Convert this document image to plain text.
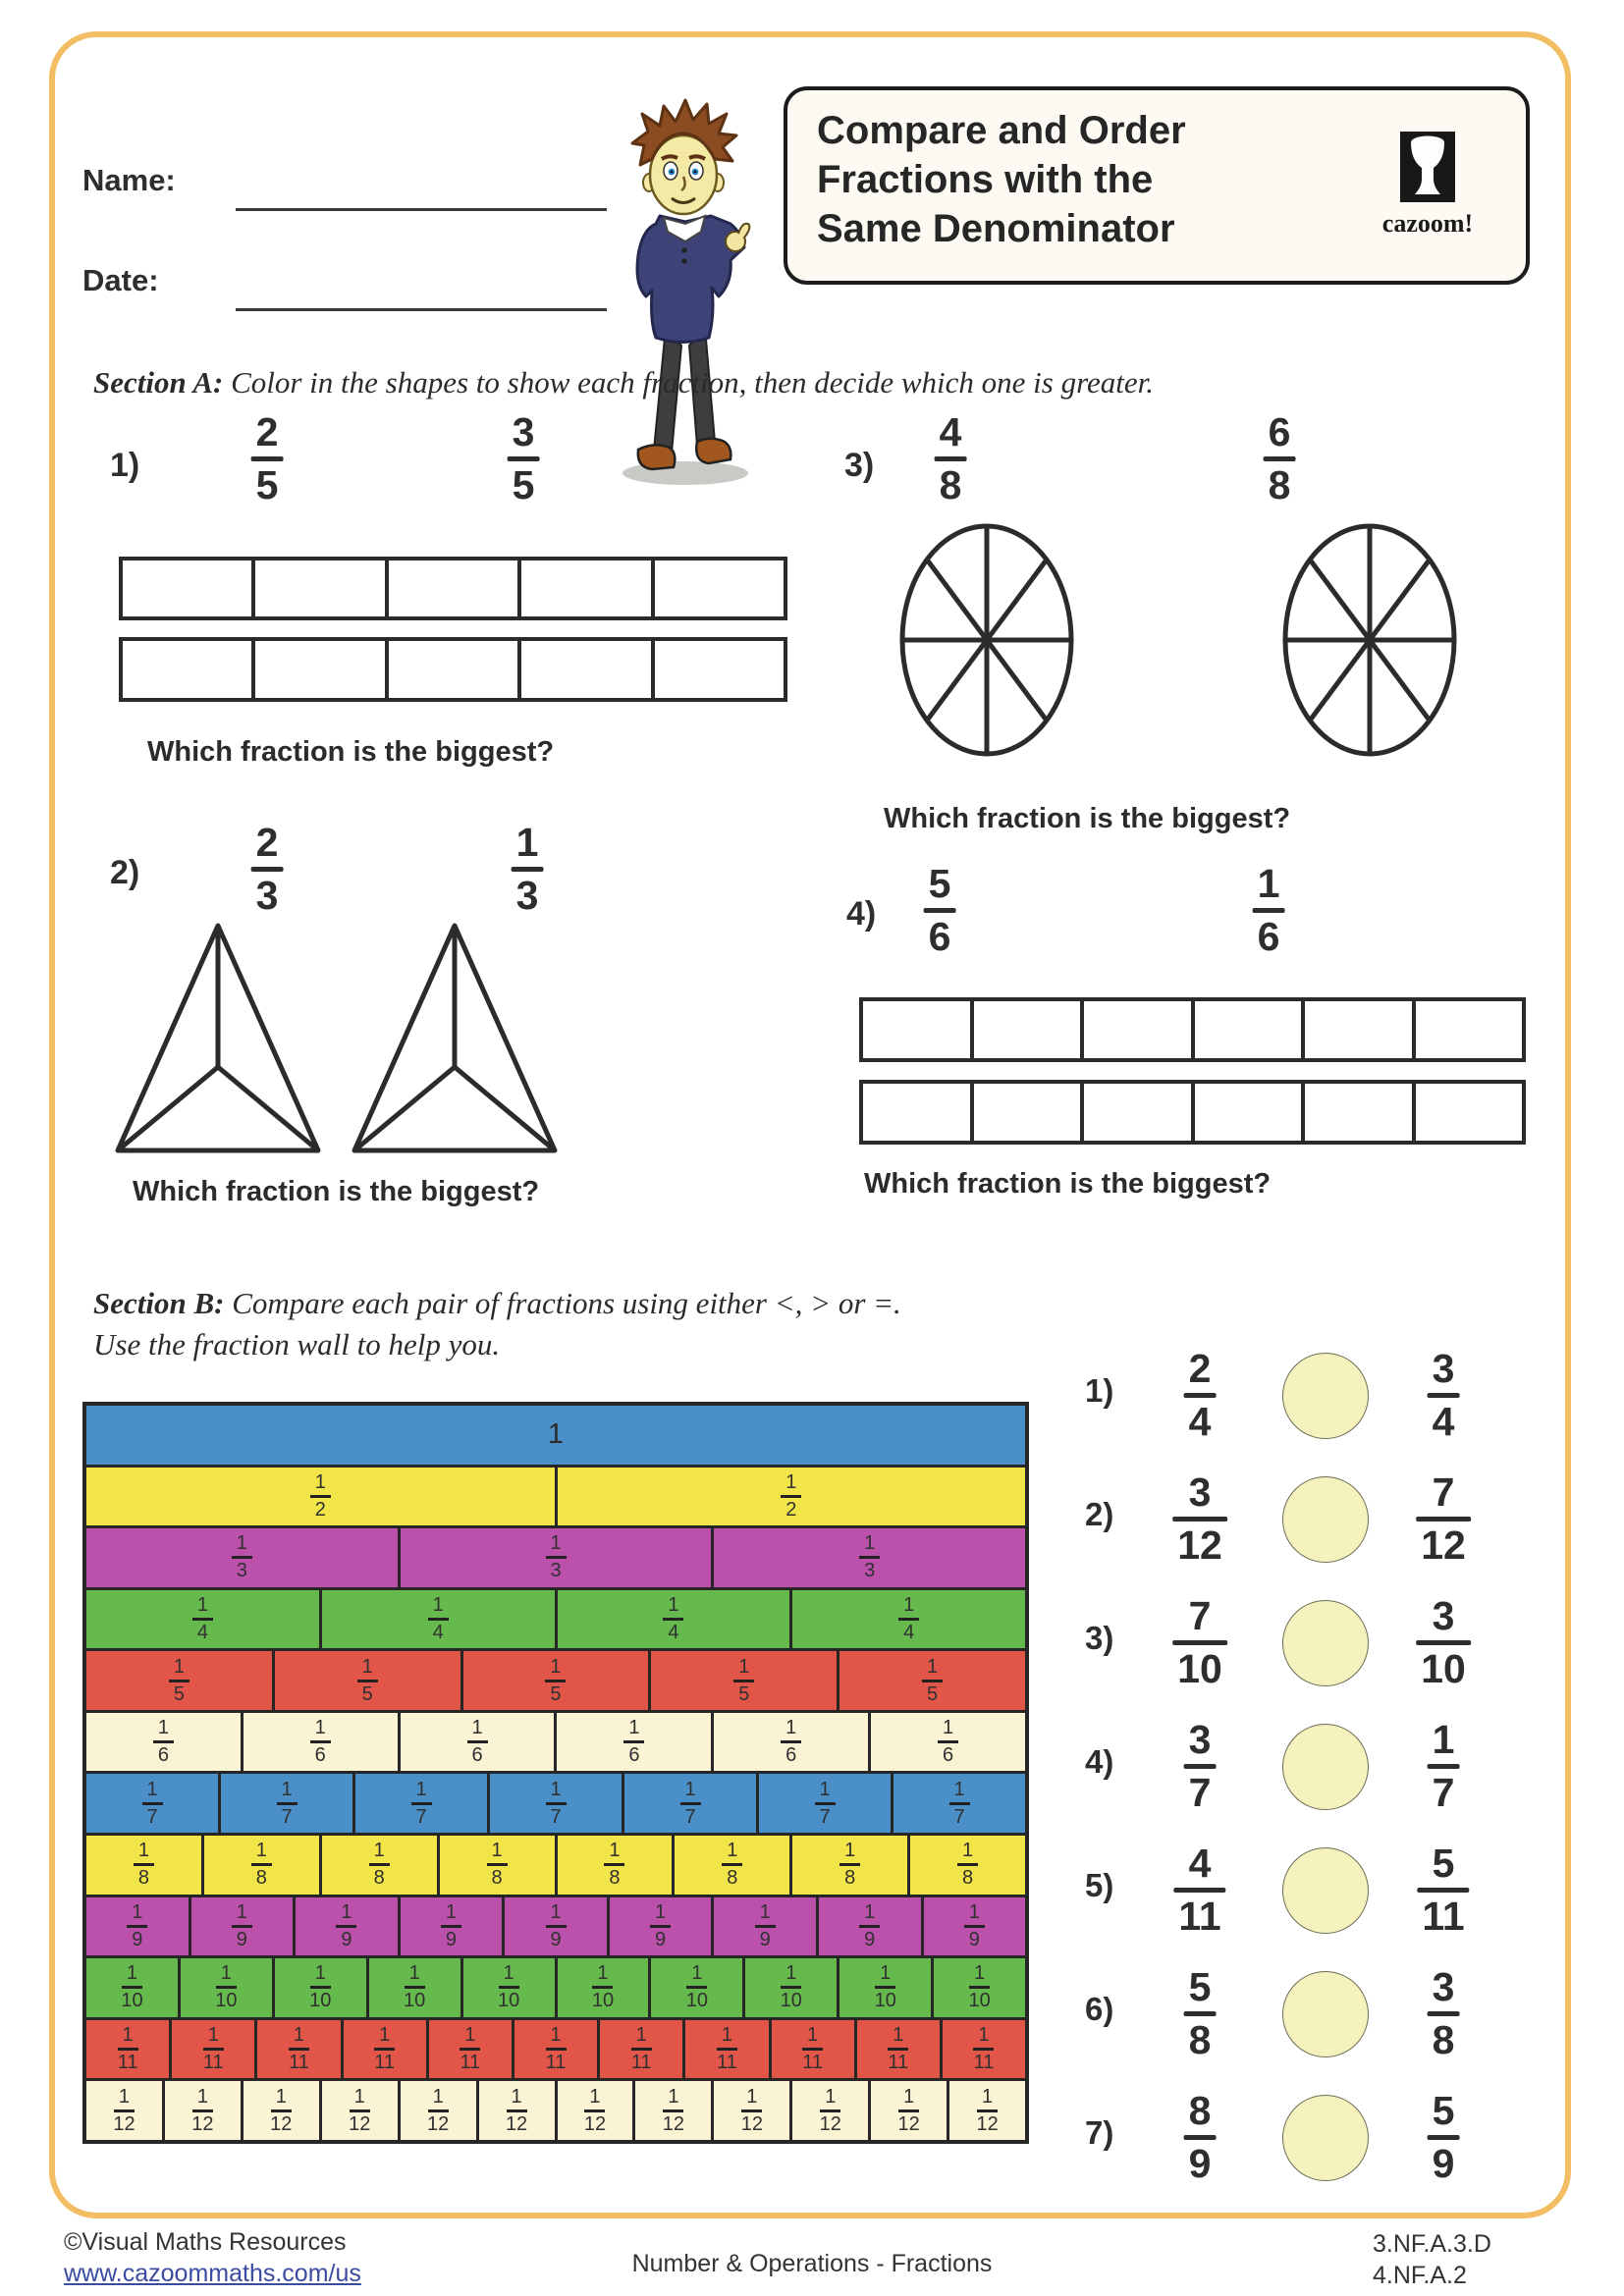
Name:
Date:
Compare and Order
Fractions with the
Same Denominator	cazoom!
Section A: Color in the shapes to show each fraction, then decide which one is greater.
1)
2
5
3
5
Which fraction is the biggest?
3)
4
8
6
8
Which fraction is the biggest?
2)
2
3
1
3
Which fraction is the biggest?
4)
5
6
1
6
Which fraction is the biggest?
Section B: Compare each pair of fractions using either <, > or =.
Use the fraction wall to help you.
1
1
2
1
2
1
3
1
3
1
3
1
4
1
4
1
4
1
4
1
5
1
5
1
5
1
5
1
5
1
6
1
6
1
6
1
6
1
6
1
6
1
7
1
7
1
7
1
7
1
7
1
7
1
7
1
8
1
8
1
8
1
8
1
8
1
8
1
8
1
8
1
9
1
9
1
9
1
9
1
9
1
9
1
9
1
9
1
9
1
10
1
10
1
10
1
10
1
10
1
10
1
10
1
10
1
10
1
10
1
11
1
11
1
11
1
11
1
11
1
11
1
11
1
11
1
11
1
11
1
11
1
12
1
12
1
12
1
12
1
12
1
12
1
12
1
12
1
12
1
12
1
12
1
12
1) 2
4
3
4
2) 3
12
7
12
3) 7
10
3
10
4) 3
7
1
7
5) 4
11
5
11
6) 5
8
3
8
7) 8
9
5
9
©Visual Maths Resources
www.cazoommaths.com/us	Number & Operations - Fractions
3.NF.A.3.D
4.NF.A.2
